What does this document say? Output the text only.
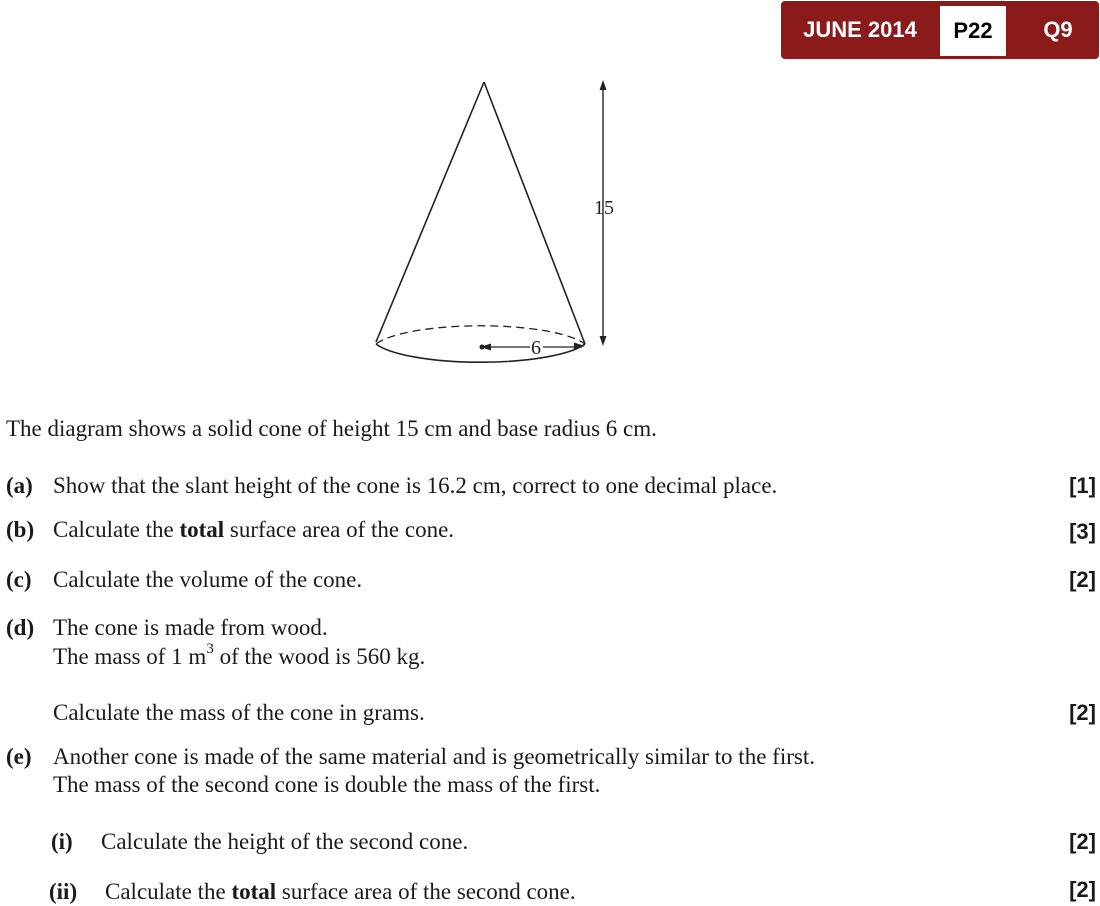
JUNE 2014	P22	Q9
15
6
The diagram shows a solid cone of height 15 cm and base radius 6 cm.
(a) Show that the slant height of the cone is 16.2 cm, correct to one decimal place.	[1]
(b) Calculate the total surface area of the cone.	[3]
(c) Calculate the volume of the cone.	[2]
(d) The cone is made from wood.
The mass of 1 $m^3$ of the wood is 560 kg.
Calculate the mass of the cone in grams.	[2]
(e) Another cone is made of the same material and is geometrically similar to the first.
The mass of the second cone is double the mass of the first.
(i) Calculate the height of the second cone.	[2]
(ii) Calculate the total surface area of the second cone.	[2]
